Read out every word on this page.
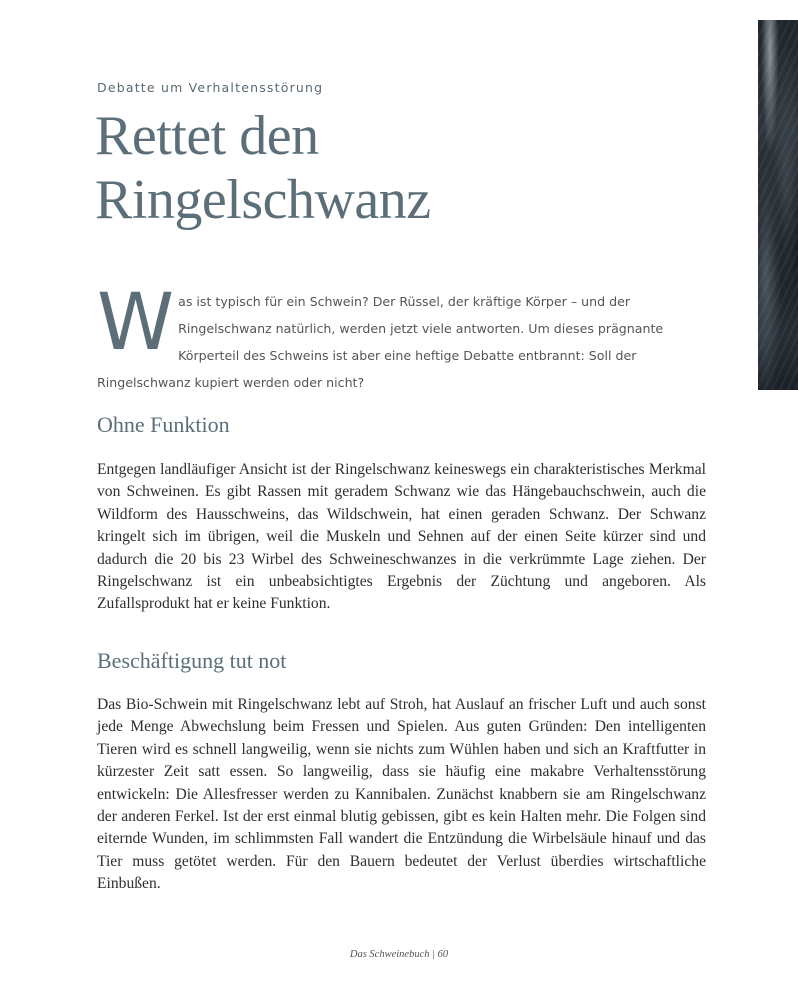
Debatte um Verhaltensstörung
Rettet den
Ringelschwanz
W as ist typisch für ein Schwein? Der Rüssel, der kräftige Körper – und der Ringelschwanz natürlich, werden jetzt viele antworten. Um dieses prägnante Körperteil des Schweins ist aber eine heftige Debatte entbrannt: Soll der Ringelschwanz kupiert werden oder nicht?
Ohne Funktion

Entgegen landläufiger Ansicht ist der Ringelschwanz keineswegs ein charakteristisches Merkmal von Schweinen. Es gibt Rassen mit geradem Schwanz wie das Hängebauchschwein, auch die Wildform des Hausschweins, das Wildschwein, hat einen geraden Schwanz. Der Schwanz kringelt sich im übrigen, weil die Muskeln und Sehnen auf der einen Seite kürzer sind und dadurch die 20 bis 23 Wirbel des Schweineschwanzes in die verkrümmte Lage ziehen. Der Ringelschwanz ist ein unbeabsichtigtes Ergebnis der Züchtung und angeboren. Als Zufallsprodukt hat er keine Funktion.

Beschäftigung tut not

Das Bio-Schwein mit Ringelschwanz lebt auf Stroh, hat Auslauf an frischer Luft und auch sonst jede Menge Abwechslung beim Fressen und Spielen. Aus guten Gründen: Den intelligenten Tieren wird es schnell langweilig, wenn sie nichts zum Wühlen haben und sich an Kraftfutter in kürzester Zeit satt essen. So langweilig, dass sie häufig eine makabre Verhaltensstörung entwickeln: Die Allesfresser werden zu Kannibalen. Zunächst knabbern sie am Ringelschwanz der anderen Ferkel. Ist der erst einmal blutig gebissen, gibt es kein Halten mehr. Die Folgen sind eiternde Wunden, im schlimmsten Fall wandert die Entzündung die Wirbelsäule hinauf und das Tier muss getötet werden. Für den Bauern bedeutet der Verlust überdies wirtschaftliche Einbußen.

Das Schweinebuch | 60
